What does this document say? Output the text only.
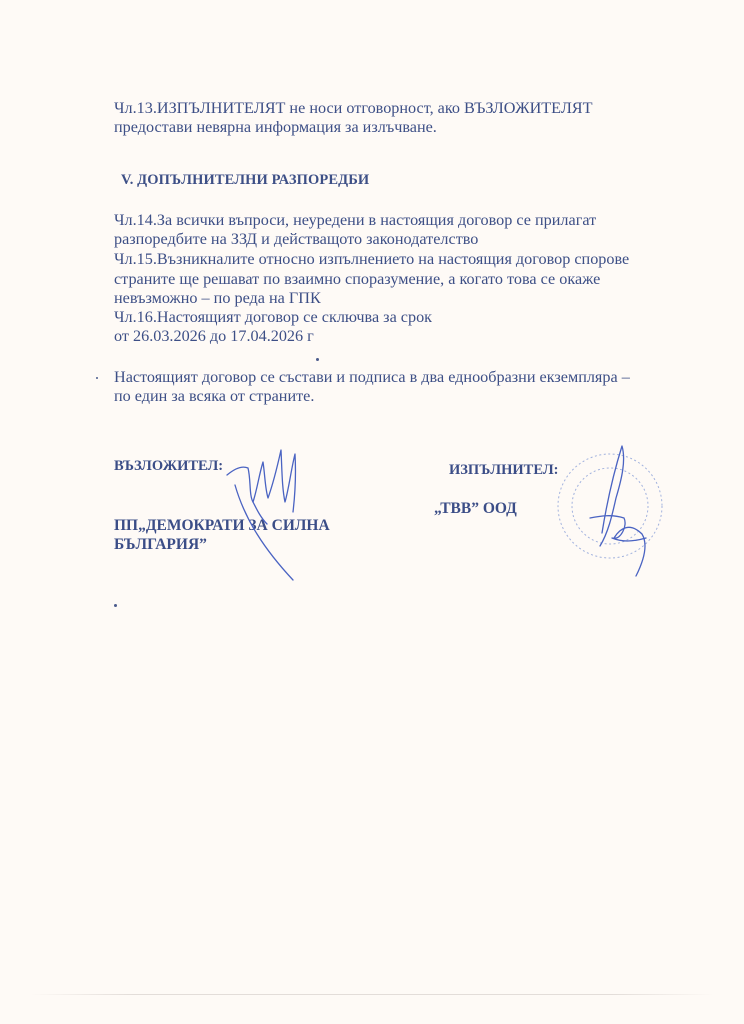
Чл.13.ИЗПЪЛНИТЕЛЯТ не носи отговорност, ако ВЪЗЛОЖИТЕЛЯТ

предостави невярна информация за излъчване.

V. ДОПЪЛНИТЕЛНИ РАЗПОРЕДБИ

Чл.14.За всички въпроси, неуредени в настоящия договор се прилагат

разпоредбите на ЗЗД и действащото законодателство

Чл.15.Възникналите относно изпълнението на настоящия договор спорове

страните ще решават по взаимно споразумение, а когато това се окаже

невъзможно – по реда на ГПК

Чл.16.Настоящият договор се сключва за срок

от 26.03.2026 до 17.04.2026 г

Настоящият договор се състави и подписа в два еднообразни екземпляра –

по един за всяка от страните.

ВЪЗЛОЖИТЕЛ:	ИЗПЪЛНИТЕЛ:
„ТВВ” ООД
ПП„ДЕМОКРАТИ ЗА СИЛНА
БЪЛГАРИЯ”
